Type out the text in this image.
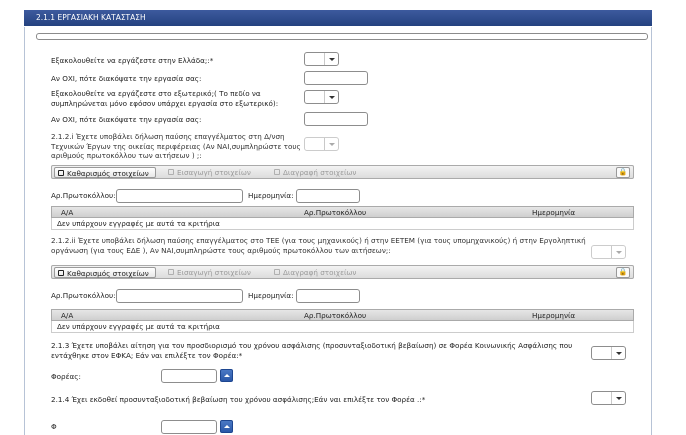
2.1.1 ΕΡΓΑΣΙΑΚΗ ΚΑΤΑΣΤΑΣΗ
Εξακολουθείτε να εργάζεστε στην Ελλάδα;:*
Αν ΟΧΙ, πότε διακόψατε την εργασία σας:
Εξακολουθείτε να εργάζεστε στο εξωτερικό;( Το πεδίο να
συμπληρώνεται μόνο εφόσον υπάρχει εργασία στο εξωτερικό):
Αν ΟΧΙ, πότε διακόψατε την εργασία σας:
2.1.2.i Έχετε υποβάλει δήλωση παύσης επαγγέλματος στη Δ/νση
Τεχνικών Έργων της οικείας περιφέρειας (Αν ΝΑΙ,συμπληρώστε τους
αριθμούς πρωτοκόλλου των αιτήσεων ) ;:
Καθαρισμός στοιχείων	Εισαγωγή στοιχείων	Διαγραφή στοιχείων	🔒
Αρ.Πρωτοκόλλου:	Ημερομηνία:
Α/Α	Αρ.Πρωτοκόλλου	Ημερομηνία
Δεν υπάρχουν εγγραφές με αυτά τα κριτήρια
2.1.2.ii Έχετε υποβάλει δήλωση παύσης επαγγέλματος στο ΤΕΕ (για τους μηχανικούς) ή στην ΕΕΤΕΜ (για τους υπομηχανικούς) ή στην Εργοληπτική
οργάνωση (για τους ΕΔΕ ), Αν ΝΑΙ,συμπληρώστε τους αριθμούς πρωτοκόλλου των αιτήσεων;:
Καθαρισμός στοιχείων	Εισαγωγή στοιχείων	Διαγραφή στοιχείων	🔒
Αρ.Πρωτοκόλλου:	Ημερομηνία:
Α/Α	Αρ.Πρωτοκόλλου	Ημερομηνία
Δεν υπάρχουν εγγραφές με αυτά τα κριτήρια
2.1.3 Έχετε υποβάλει αίτηση για τον προσδιορισμό του χρόνου ασφάλισης (προσυνταξιοδοτική βεβαίωση) σε Φορέα Κοινωνικής Ασφάλισης που
εντάχθηκε στον ΕΦΚΑ; Εάν ναι επιλέξτε τον Φορέα:*
Φορέας:
2.1.4 Έχει εκδοθεί προσυνταξιοδοτική βεβαίωση του χρόνου ασφάλισης;Εάν ναι επιλέξτε τον Φορέα .:*
Φ
